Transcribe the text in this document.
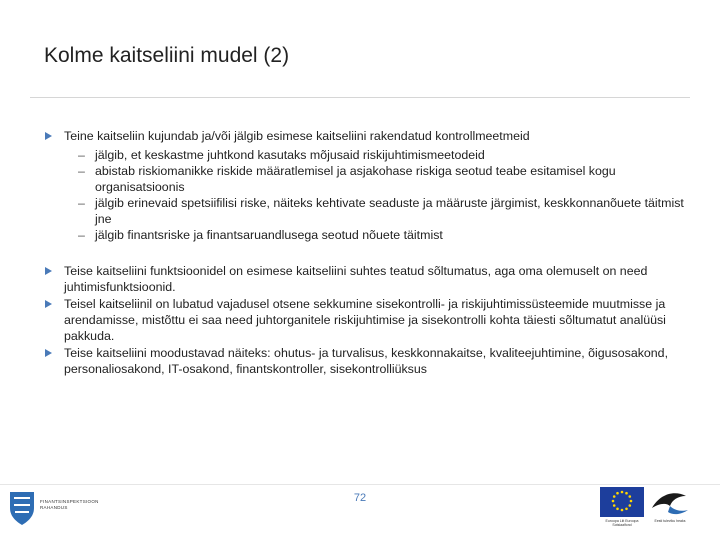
Kolme kaitseliini mudel (2)
Teine kaitseliin kujundab ja/või jälgib esimese kaitseliini rakendatud kontrollmeetmeid
– jälgib, et keskastme juhtkond kasutaks mõjusaid riskijuhtimismeetodeid
– abistab riskiomanikke riskide määratlemisel ja asjakohase riskiga seotud teabe esitamisel kogu organisatsioonis
– jälgib erinevaid spetsiifilisi riske, näiteks kehtivate seaduste ja määruste järgimist, keskkonnanõuete täitmist jne
– jälgib finantsriske ja finantsaruandlusega seotud nõuete täitmist
Teise kaitseliini funktsioonidel on esimese kaitseliini suhtes teatud sõltumatus, aga oma olemuselt on need juhtimisfunktsioonid.
Teisel kaitseliinil on lubatud vajadusel otsene sekkumine sisekontrolli- ja riskijuhtimissüsteemide muutmisse ja arendamisse, mistõttu ei saa need juhtorganitele riskijuhtimise ja sisekontrolli kohta täiesti sõltumatut analüüsi pakkuda.
Teise kaitseliini moodustavad näiteks: ohutus- ja turvalisus, keskkonnakaitse, kvaliteejuhtimine, õigusosakond, personaliosakond, IT-osakond, finantskontroller, sisekontrolliüksus
FINANTSINSPEKTSIOON
RAHANDUS
72
Euroopa Liit Euroopa Sotsiaalfond
Eesti tuleviku heaks
